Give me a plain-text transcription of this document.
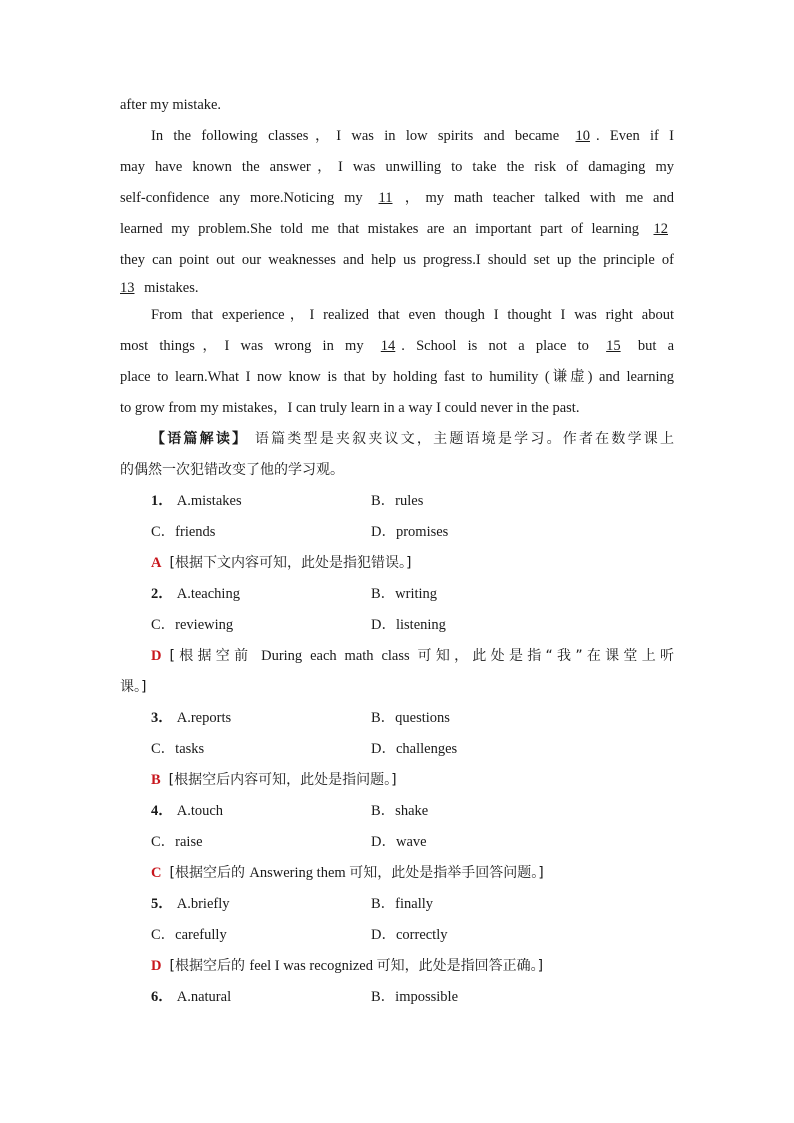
after my mistake.
In the following classes，I was in low spirits and became 10 . Even if I
may have known the answer，I was unwilling to take the risk of damaging my
self-confidence any more.Noticing my 11 ，my math teacher talked with me and
learned my problem.She told me that mistakes are an important part of learning 12
they can point out our weaknesses and help us progress.I should set up the principle of
13 mistakes.
From that experience，I realized that even though I thought I was right about
most things，I was wrong in my 14 . School is not a place to 15 but a
place to learn.What I now know is that by holding fast to humility (谦虚) and learning
to grow from my mistakes，I can truly learn in a way I could never in the past.
【语篇解读】 语篇类型是夹叙夹议文，主题语境是学习。作者在数学课上
的偶然一次犯错改变了他的学习观。
1． A.mistakes	B．rules
C．friends	D．promises
A [根据下文内容可知，此处是指犯错误。]
2． A.teaching	B．writing
C．reviewing	D．listening
D [根据空前 During each math class 可知，此处是指“我”在课堂上听
课。]
3． A.reports	B．questions
C．tasks	D．challenges
B [根据空后内容可知，此处是指问题。]
4． A.touch	B．shake
C．raise	D．wave
C [根据空后的 Answering them 可知，此处是指举手回答问题。]
5． A.briefly	B．finally
C．carefully	D．correctly
D [根据空后的 feel I was recognized 可知，此处是指回答正确。]
6． A.natural	B．impossible
